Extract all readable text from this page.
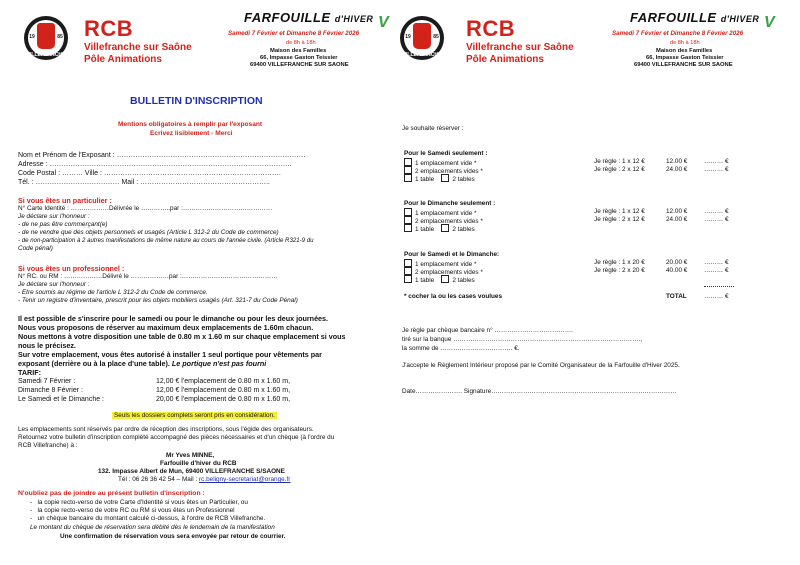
19	85
VILLEFRANCHE
RCB
Villefranche sur Saône
Pôle Animations
FARFOUILLE d'HIVER V
Samedi 7 Février et Dimanche 8 Février 2026
de 8h à 18h
Maison des Familles
66, Impasse Gaston Teissier
69400 VILLEFRANCHE SUR SAONE
BULLETIN D'INSCRIPTION
Mentions obligatoires à remplir par l'exposant
Ecrivez lisiblement - Merci
Nom et Prénom de l'Exposant : ………………………………………………………………………
Adresse : …………………………………………………………………………………………..
Code Postal : ……… Ville : ………………………………………………………………….
Tél. : ……………………………… Mail : ………………………………………………..
Si vous êtes un particulier :
N° Carte Identité : ………………Délivrée le …………..par :……………………………………
Je déclare sur l'honneur :
- de ne pas être commerçant(e)
- de ne vendre que des objets personnels et usagés (Article L 312-2 du Code de commerce)
- de non-participation à 2 autres manifestations de même nature au cours de l'année civile. (Article R321-9 du
Code pénal)
Si vous êtes un professionnel :
N° RC. ou RM : ………………Délivré le ………………par :………………………………………
Je déclare sur l'honneur :
- Etre soumis au régime de l'article L 312-2 du Code de commerce.
- Tenir un registre d'inventaire, prescrit pour les objets mobiliers usagés (Art. 321-7 du Code Pénal)
Il est possible de s'inscrire pour le samedi ou pour le dimanche ou pour les deux journées.
Nous vous proposons de réserver au maximum deux emplacements de 1.60m chacun.
Nous mettons à votre disposition une table de 0.80 m x 1.60 m sur chaque emplacement si vous
nous le précisez.
Sur votre emplacement, vous êtes autorisé à installer 1 seul portique pour vêtements par
exposant (derrière ou à la place d'une table). Le portique n'est pas fourni
TARIF:
Samedi 7 Février :	12,00 € l'emplacement de 0.80 m x 1.60 m,
Dimanche 8 Février :	12,00 € l'emplacement de 0.80 m x 1.60 m,
Le Samedi et le Dimanche :	20,00 € l'emplacement de 0.80 m x 1.60 m,
Seuls les dossiers complets seront pris en considération.
Les emplacements sont réservés par ordre de réception des inscriptions, sous l'égide des organisateurs.
Retournez votre bulletin d'inscription complété accompagné des pièces nécessaires et d'un chèque (à l'ordre du
RCB Villefranche) à :
Mr Yves MINNE,
Farfouille d'hiver du RCB
132. Impasse Albert de Mun, 69400 VILLEFRANCHE S/SAONE
Tél : 06 26 36 42 54 – Mail : rc.beligny-secretariat@orange.fr
N'oubliez pas de joindre au présent bulletin d'inscription :
-   la copie recto-verso de votre Carte d'Identité si vous êtes un Particulier, ou
-   la copie recto-verso de votre RC ou RM si vous êtes un Professionnel
-   un chèque bancaire du montant calculé ci-dessus, à l'ordre de RCB Villefranche.
Le montant du chèque de réservation sera débité dès le lendemain de la manifestation
Une confirmation de réservation vous sera envoyée par retour de courrier.
19	85
VILLEFRANCHE
RCB
Villefranche sur Saône
Pôle Animations
FARFOUILLE d'HIVER V
Samedi 7 Février et Dimanche 8 Février 2026
de 8h à 18h
Maison des Familles
66, Impasse Gaston Teissier
69400 VILLEFRANCHE SUR SAONE
Je souhaite réserver :
Pour le Samedi seulement :
1 emplacement vide *	Je règle : 1 x 12 €	12.00 €	……… €
2 emplacements vides *	Je règle : 2 x 12 €	24.00 €	……… €
1 table	2 tables
Pour le Dimanche seulement :
1 emplacement vide *	Je règle : 1 x 12 €	12.00 €	……… €
2 emplacements vides *	Je règle : 2 x 12 €	24.00 €	……… €
1 table	2 tables
Pour le Samedi et le Dimanche:
1 emplacement vide *	Je règle : 1 x 20 €	20.00 €	……… €
2 emplacements vides *	Je règle : 2 x 20 €	40.00 €	……… €
1 table	2 tables
* cocher la ou les cases voulues	TOTAL	……… €
Je règle par chèque bancaire n° ……………………………….
tiré sur la banque …………………………………………………………………………….,
la somme de ……………………………. €.
J'accepte le Règlement Intérieur proposé par le Comité Organisateur de la Farfouille d'Hiver 2025.
Date…………………. Signature……………………………………………………………………………
